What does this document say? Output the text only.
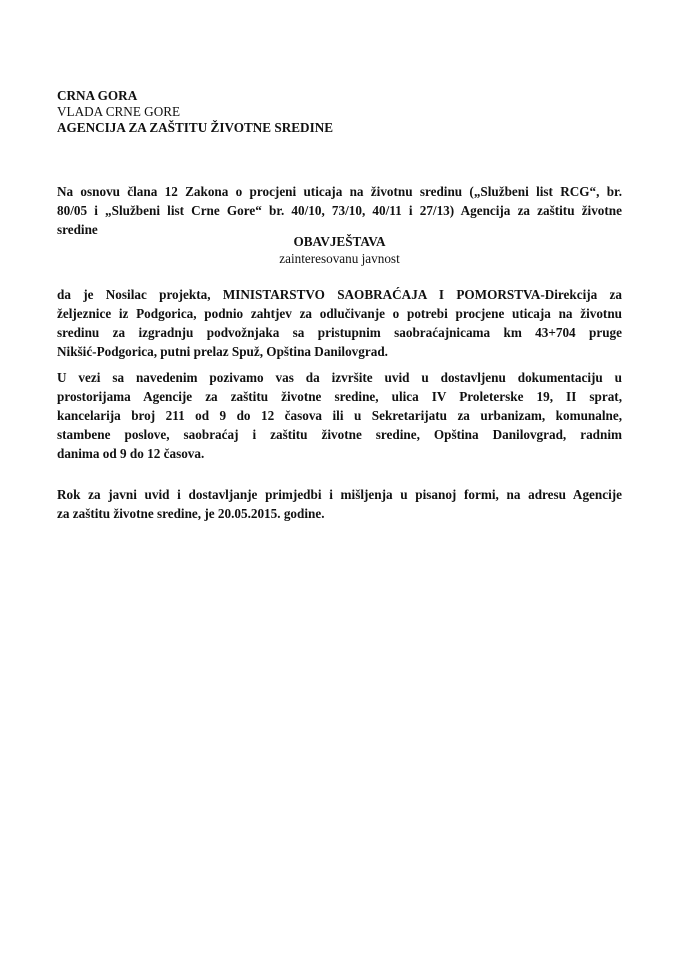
CRNA GORA
VLADA CRNE GORE
AGENCIJA ZA ZAŠTITU ŽIVOTNE SREDINE
Na osnovu člana 12 Zakona o procjeni uticaja na životnu sredinu („Službeni list RCG“, br.
80/05 i „Službeni list Crne Gore“ br. 40/10, 73/10, 40/11 i 27/13) Agencija za zaštitu životne
sredine
OBAVJEŠTAVA
zainteresovanu javnost
da je Nosilac projekta, MINISTARSTVO SAOBRAĆAJA I POMORSTVA-Direkcija za
željeznice iz Podgorica, podnio zahtjev za odlučivanje o potrebi procjene uticaja na životnu
sredinu za izgradnju podvožnjaka sa pristupnim saobraćajnicama km 43+704 pruge
Nikšić-Podgorica, putni prelaz Spuž, Opština Danilovgrad.
U vezi sa navedenim pozivamo vas da izvršite uvid u dostavljenu dokumentaciju u
prostorijama Agencije za zaštitu životne sredine, ulica IV Proleterske 19, II sprat,
kancelarija broj 211 od 9 do 12 časova ili u Sekretarijatu za urbanizam, komunalne,
stambene poslove, saobraćaj i zaštitu životne sredine, Opština Danilovgrad, radnim
danima od 9 do 12 časova.
Rok za javni uvid i dostavljanje primjedbi i mišljenja u pisanoj formi, na adresu Agencije
za zaštitu životne sredine, je 20.05.2015. godine.
